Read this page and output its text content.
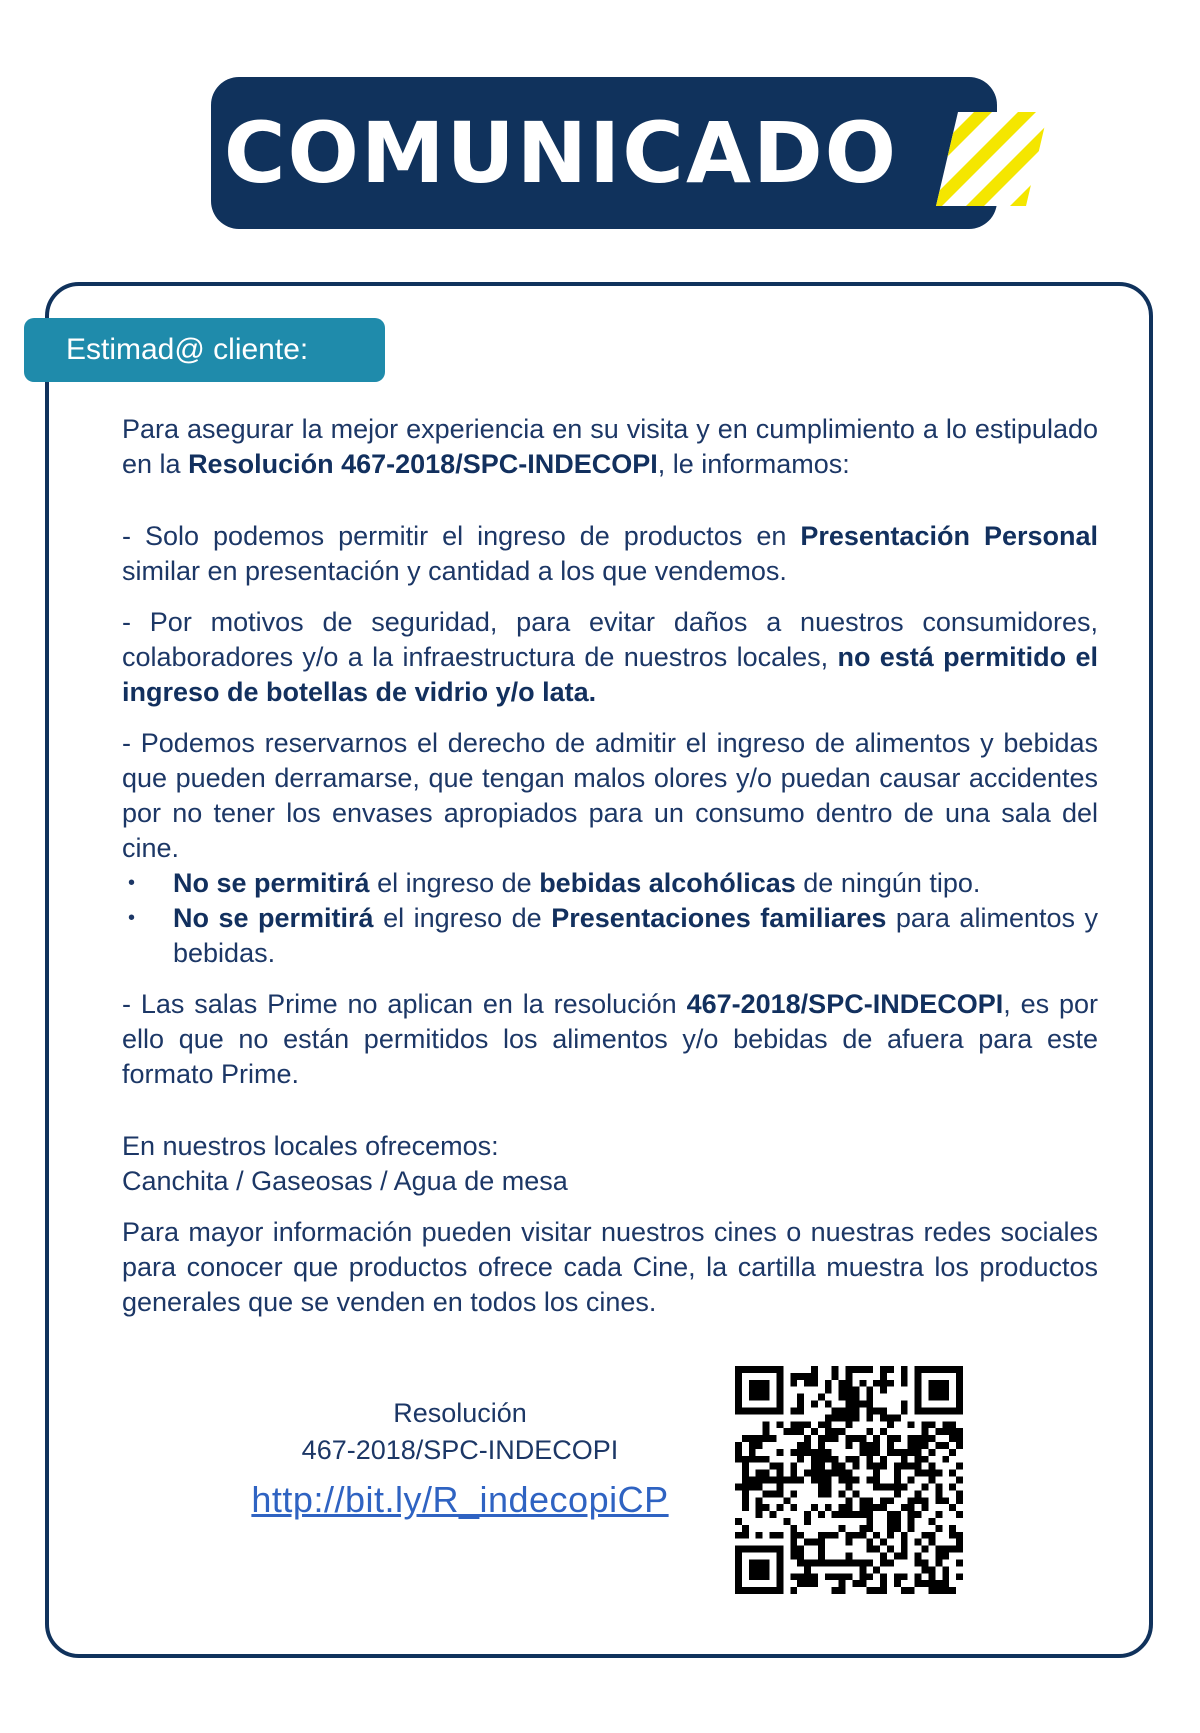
COMUNICADO
Estimad@ cliente:

Para asegurar la mejor experiencia en su visita y en cumplimiento a lo estipulado en la Resolución 467-2018/SPC-INDECOPI, le informamos:

- Solo podemos permitir el ingreso de productos en Presentación Personal similar en presentación y cantidad a los que vendemos.

- Por motivos de seguridad, para evitar daños a nuestros consumidores, colaboradores y/o a la infraestructura de nuestros locales, no está permitido el ingreso de botellas de vidrio y/o lata.

- Podemos reservarnos el derecho de admitir el ingreso de alimentos y bebidas que pueden derramarse, que tengan malos olores y/o puedan causar accidentes por no tener los envases apropiados para un consumo dentro de una sala del cine.

• No se permitirá el ingreso de bebidas alcohólicas de ningún tipo.
• No se permitirá el ingreso de Presentaciones familiares para alimentos y bebidas.

- Las salas Prime no aplican en la resolución 467-2018/SPC-INDECOPI, es por ello que no están permitidos los alimentos y/o bebidas de afuera para este formato Prime.

En nuestros locales ofrecemos:

Canchita / Gaseosas / Agua de mesa

Para mayor información pueden visitar nuestros cines o nuestras redes sociales para conocer que productos ofrece cada Cine, la cartilla muestra los productos generales que se venden en todos los cines.

Resolución
467-2018/SPC-INDECOPI
http://bit.ly/R_indecopiCP
